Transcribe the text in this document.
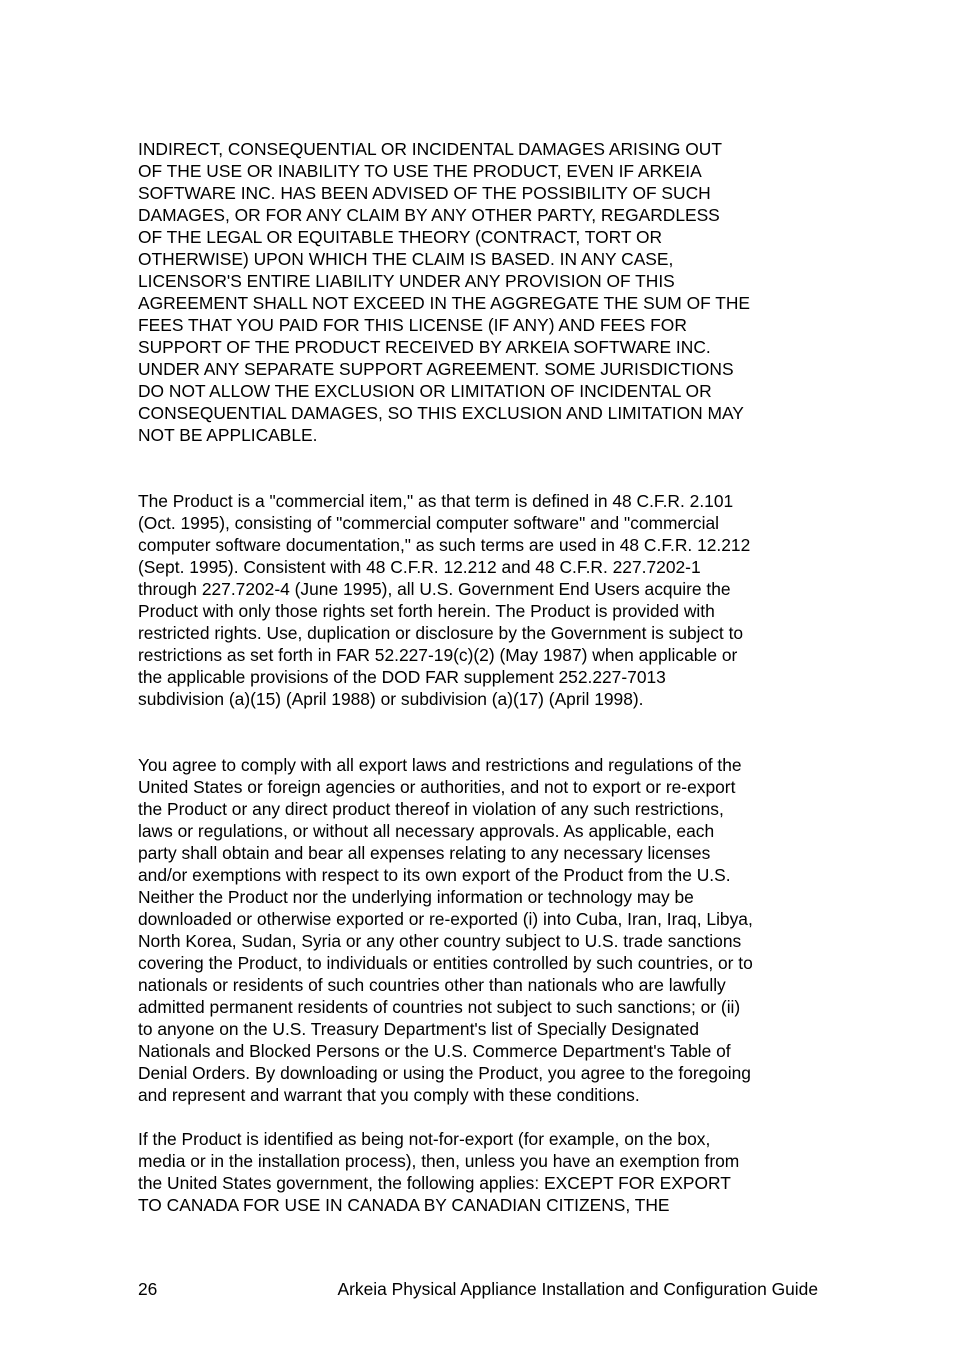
INDIRECT, CONSEQUENTIAL OR INCIDENTAL DAMAGES ARISING OUT
OF THE USE OR INABILITY TO USE THE PRODUCT, EVEN IF ARKEIA
SOFTWARE INC. HAS BEEN ADVISED OF THE POSSIBILITY OF SUCH
DAMAGES, OR FOR ANY CLAIM BY ANY OTHER PARTY, REGARDLESS
OF THE LEGAL OR EQUITABLE THEORY (CONTRACT, TORT OR
OTHERWISE) UPON WHICH THE CLAIM IS BASED. IN ANY CASE,
LICENSOR'S ENTIRE LIABILITY UNDER ANY PROVISION OF THIS
AGREEMENT SHALL NOT EXCEED IN THE AGGREGATE THE SUM OF THE
FEES THAT YOU PAID FOR THIS LICENSE (IF ANY) AND FEES FOR
SUPPORT OF THE PRODUCT RECEIVED BY ARKEIA SOFTWARE INC.
UNDER ANY SEPARATE SUPPORT AGREEMENT. SOME JURISDICTIONS
DO NOT ALLOW THE EXCLUSION OR LIMITATION OF INCIDENTAL OR
CONSEQUENTIAL DAMAGES, SO THIS EXCLUSION AND LIMITATION MAY
NOT BE APPLICABLE.

The Product is a "commercial item," as that term is defined in 48 C.F.R. 2.101
(Oct. 1995), consisting of "commercial computer software" and "commercial
computer software documentation," as such terms are used in 48 C.F.R. 12.212
(Sept. 1995). Consistent with 48 C.F.R. 12.212 and 48 C.F.R. 227.7202-1
through 227.7202-4 (June 1995), all U.S. Government End Users acquire the
Product with only those rights set forth herein. The Product is provided with
restricted rights. Use, duplication or disclosure by the Government is subject to
restrictions as set forth in FAR 52.227-19(c)(2) (May 1987) when applicable or
the applicable provisions of the DOD FAR supplement 252.227-7013
subdivision (a)(15) (April 1988) or subdivision (a)(17) (April 1998).

You agree to comply with all export laws and restrictions and regulations of the
United States or foreign agencies or authorities, and not to export or re-export
the Product or any direct product thereof in violation of any such restrictions,
laws or regulations, or without all necessary approvals. As applicable, each
party shall obtain and bear all expenses relating to any necessary licenses
and/or exemptions with respect to its own export of the Product from the U.S.
Neither the Product nor the underlying information or technology may be
downloaded or otherwise exported or re-exported (i) into Cuba, Iran, Iraq, Libya,
North Korea, Sudan, Syria or any other country subject to U.S. trade sanctions
covering the Product, to individuals or entities controlled by such countries, or to
nationals or residents of such countries other than nationals who are lawfully
admitted permanent residents of countries not subject to such sanctions; or (ii)
to anyone on the U.S. Treasury Department's list of Specially Designated
Nationals and Blocked Persons or the U.S. Commerce Department's Table of
Denial Orders. By downloading or using the Product, you agree to the foregoing
and represent and warrant that you comply with these conditions.

If the Product is identified as being not-for-export (for example, on the box,
media or in the installation process), then, unless you have an exemption from
the United States government, the following applies: EXCEPT FOR EXPORT
TO CANADA FOR USE IN CANADA BY CANADIAN CITIZENS, THE

26	Arkeia Physical Appliance Installation and Configuration Guide
